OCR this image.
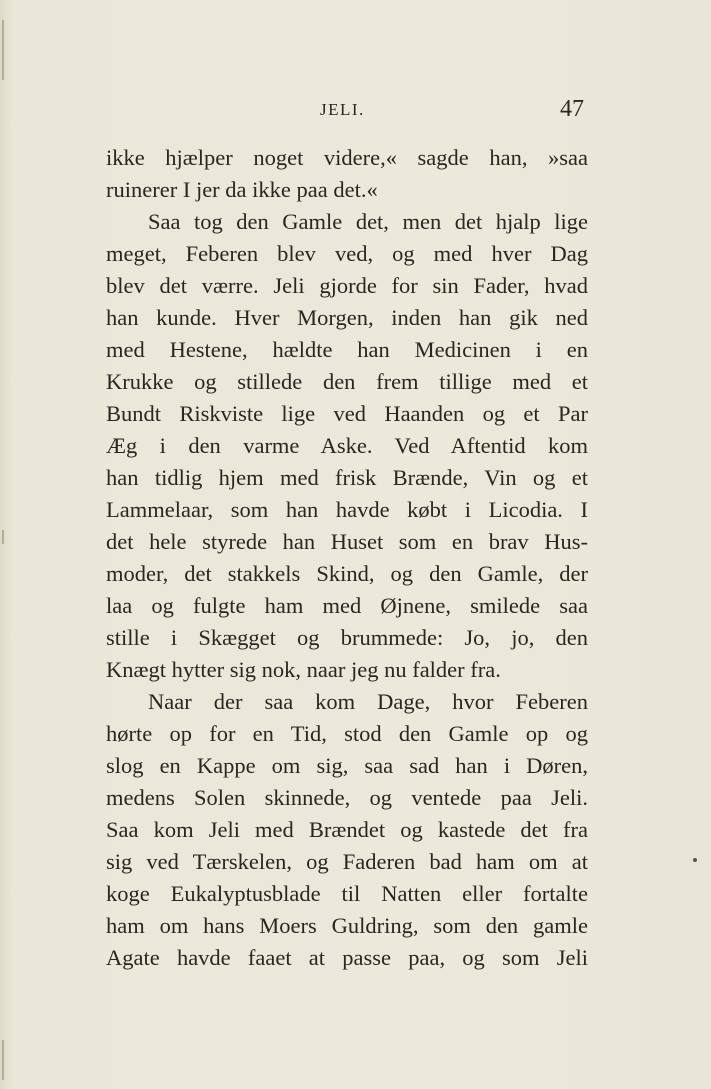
JELI.	47
ikke hjælper noget videre,« sagde han, »saa
ruinerer I jer da ikke paa det.«
Saa tog den Gamle det, men det hjalp lige
meget, Feberen blev ved, og med hver Dag
blev det værre. Jeli gjorde for sin Fader, hvad
han kunde. Hver Morgen, inden han gik ned
med Hestene, hældte han Medicinen i en
Krukke og stillede den frem tillige med et
Bundt Riskviste lige ved Haanden og et Par
Æg i den varme Aske. Ved Aftentid kom
han tidlig hjem med frisk Brænde, Vin og et
Lammelaar, som han havde købt i Licodia. I
det hele styrede han Huset som en brav Hus-
moder, det stakkels Skind, og den Gamle, der
laa og fulgte ham med Øjnene, smilede saa
stille i Skægget og brummede: Jo, jo, den
Knægt hytter sig nok, naar jeg nu falder fra.
Naar der saa kom Dage, hvor Feberen
hørte op for en Tid, stod den Gamle op og
slog en Kappe om sig, saa sad han i Døren,
medens Solen skinnede, og ventede paa Jeli.
Saa kom Jeli med Brændet og kastede det fra
sig ved Tærskelen, og Faderen bad ham om at
koge Eukalyptusblade til Natten eller fortalte
ham om hans Moers Guldring, som den gamle
Agate havde faaet at passe paa, og som Jeli
